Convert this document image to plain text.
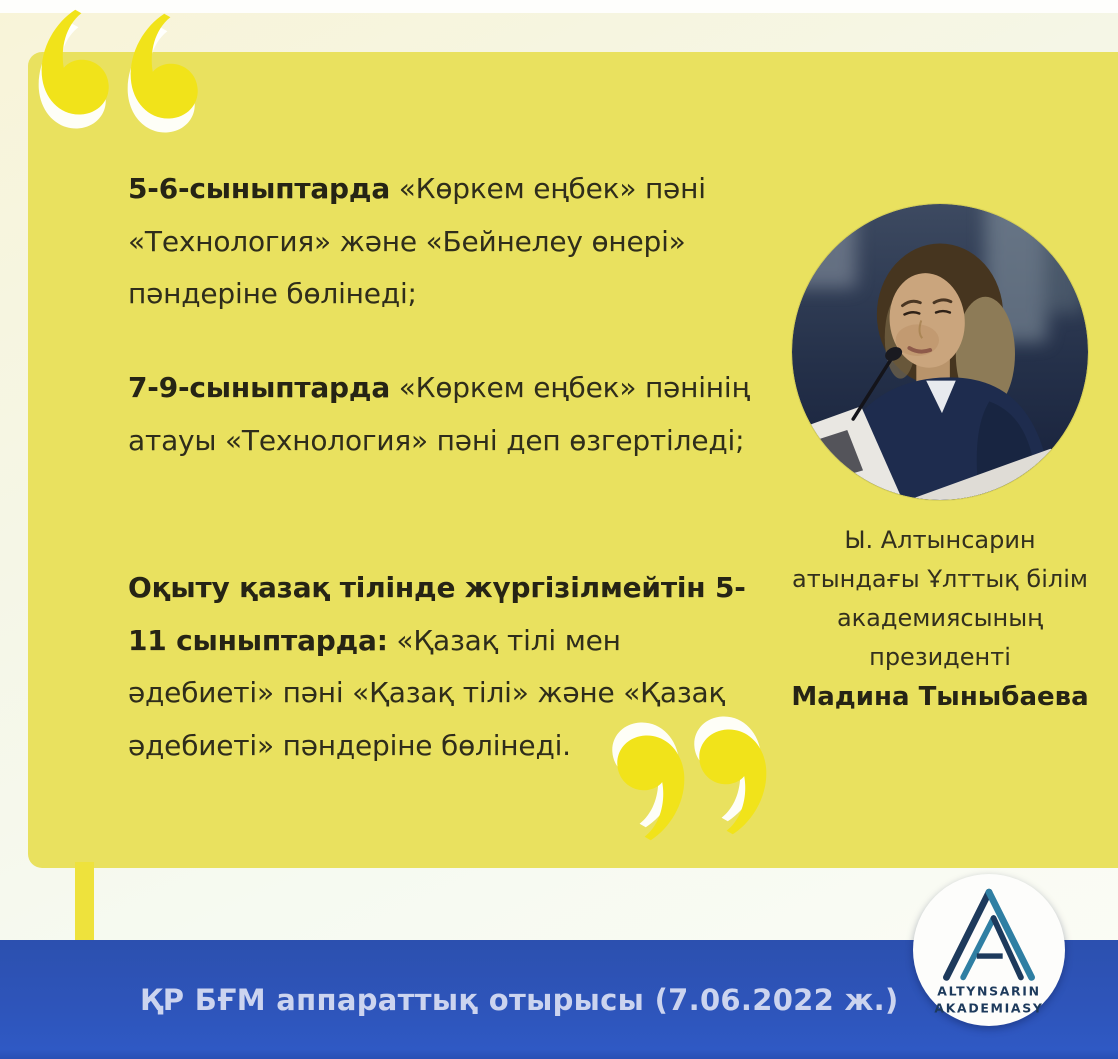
5-6-сыныптарда «Көркем еңбек» пәні «Технология» және «Бейнелеу өнері» пәндеріне бөлінеді;

7-9-сыныптарда «Көркем еңбек» пәнінің атауы «Технология» пәні деп өзгертіледі;

Оқыту қазақ тілінде жүргізілмейтін 5-11 сыныптарда: «Қазақ тілі мен әдебиеті» пәні «Қазақ тілі» және «Қазақ әдебиеті» пәндеріне бөлінеді.

Ы. Алтынсарин
атындағы Ұлттық білім
академиясының
президенті
Мадина Тыныбаева
ҚР БҒМ аппараттық отырысы (7.06.2022 ж.)	ALTYNSARIN
AKADEMIASY
